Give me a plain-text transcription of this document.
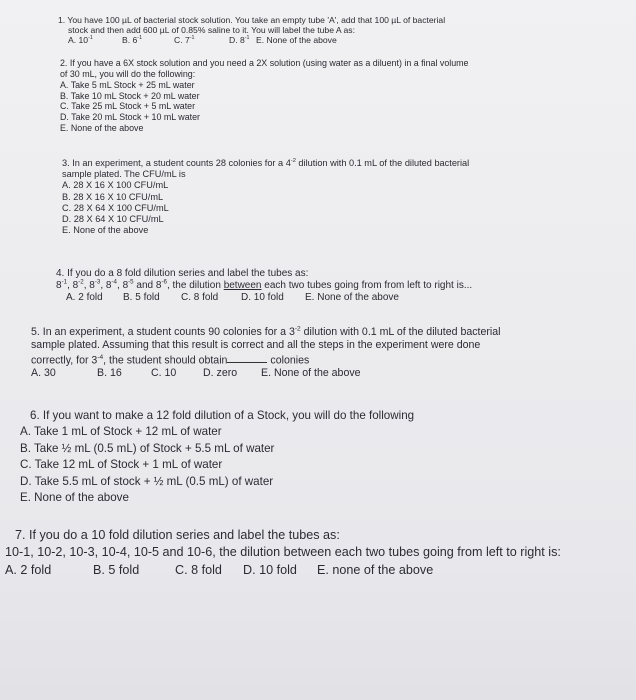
1. You have 100 µL of bacterial stock solution. You take an empty tube 'A', add that 100 µL of bacterial
stock and then add 600 µL of 0.85% saline to it. You will label the tube A as:
A. $10^{-1}$	B. $6^{-1}$	C. $7^{-1}$	D. $8^{-1}$ E. None of the above
2. If you have a 6X stock solution and you need a 2X solution (using water as a diluent) in a final volume
of 30 mL, you will do the following:
A. Take 5 mL Stock + 25 mL water
B. Take 10 mL Stock + 20 mL water
C. Take 25 mL Stock + 5 mL water
D. Take 20 mL Stock + 10 mL water
E. None of the above
3. In an experiment, a student counts 28 colonies for a $4^{-2}$ dilution with 0.1 mL of the diluted bacterial
sample plated. The CFU/mL is
A. 28 X 16 X 100 CFU/mL
B. 28 X 16 X 10 CFU/mL
C. 28 X 64 X 100 CFU/mL
D. 28 X 64 X 10 CFU/mL
E. None of the above
4. If you do a 8 fold dilution series and label the tubes as:
$8^{-1}$, $8^{-2}$, $8^{-3}$, $8^{-4}$, $8^{-5}$ and $8^{-6}$, the dilution between each two tubes going from from left to right is...
A. 2 fold B. 5 fold C. 8 fold D. 10 fold E. None of the above
5. In an experiment, a student counts 90 colonies for a $3^{-2}$ dilution with 0.1 mL of the diluted bacterial
sample plated. Assuming that this result is correct and all the steps in the experiment were done
correctly, for $3^{-4}$, the student should obtain	colonies
A. 30	B. 16	C. 10	D. zero E. None of the above
6. If you want to make a 12 fold dilution of a Stock, you will do the following
A. Take 1 mL of Stock + 12 mL of water
B. Take ½ mL (0.5 mL) of Stock + 5.5 mL of water
C. Take 12 mL of Stock + 1 mL of water
D. Take 5.5 mL of stock + ½ mL (0.5 mL) of water
E. None of the above
7. If you do a 10 fold dilution series and label the tubes as:
10-1, 10-2, 10-3, 10-4, 10-5 and 10-6, the dilution between each two tubes going from left to right is:
A. 2 fold	B. 5 fold	C. 8 fold D. 10 fold E. none of the above
